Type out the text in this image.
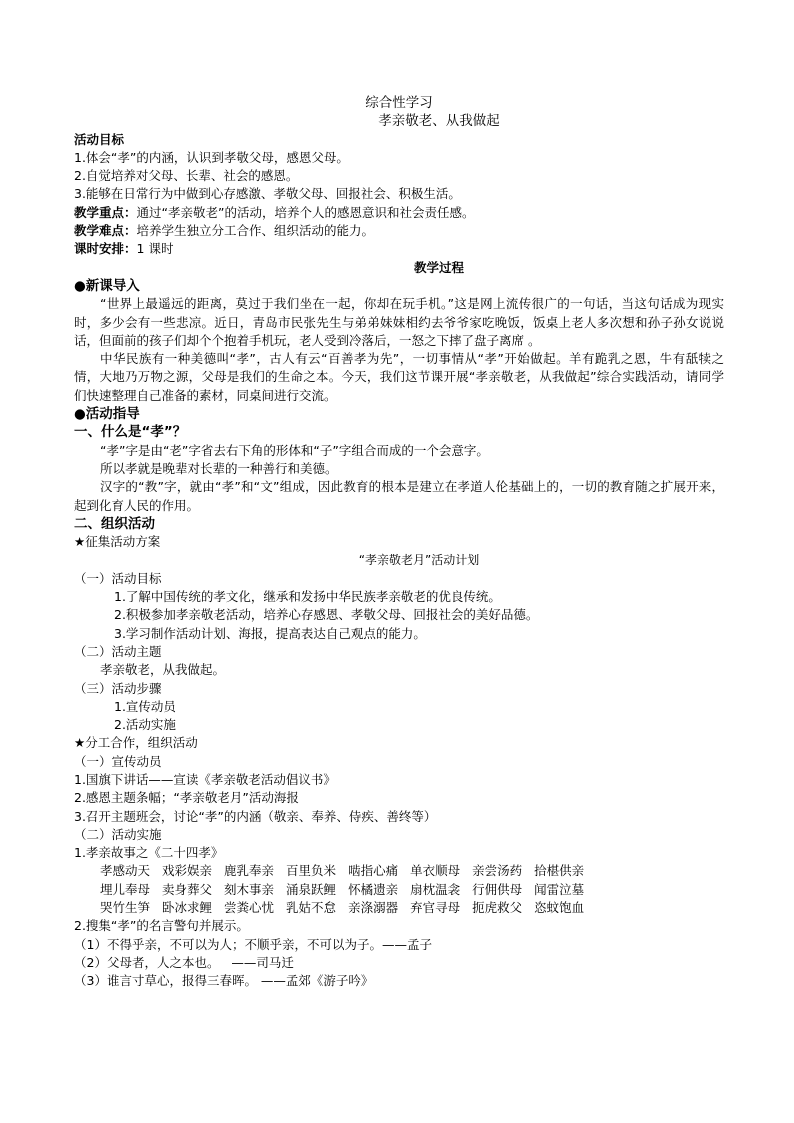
综合性学习
孝亲敬老、从我做起
活动目标
1.体会“孝”的内涵，认识到孝敬父母，感恩父母。
2.自觉培养对父母、长辈、社会的感恩。
3.能够在日常行为中做到心存感激、孝敬父母、回报社会、积极生活。
教学重点：通过“孝亲敬老”的活动，培养个人的感恩意识和社会责任感。
教学难点：培养学生独立分工合作、组织活动的能力。
课时安排：1 课时
教学过程
●新课导入
“世界上最遥远的距离，莫过于我们坐在一起，你却在玩手机。”这是网上流传很广的一句话，当这句话成为现实时，多少会有一些悲凉。近日，青岛市民张先生与弟弟妹妹相约去爷爷家吃晚饭，饭桌上老人多次想和孙子孙女说说话，但面前的孩子们却个个抱着手机玩，老人受到冷落后，一怒之下摔了盘子离席 。
中华民族有一种美德叫“孝”，古人有云“百善孝为先”，一切事情从“孝”开始做起。羊有跪乳之恩，牛有舐犊之情，大地乃万物之源，父母是我们的生命之本。今天，我们这节课开展“孝亲敬老，从我做起”综合实践活动，请同学们快速整理自己准备的素材，同桌间进行交流。
●活动指导
一、什么是“孝”？
“孝”字是由“老”字省去右下角的形体和“子”字组合而成的一个会意字。
所以孝就是晚辈对长辈的一种善行和美德。
汉字的“教”字，就由“孝”和“文”组成，因此教育的根本是建立在孝道人伦基础上的，一切的教育随之扩展开来，起到化育人民的作用。
二、组织活动
★征集活动方案
“孝亲敬老月”活动计划
（一）活动目标
1.了解中国传统的孝文化，继承和发扬中华民族孝亲敬老的优良传统。
2.积极参加孝亲敬老活动，培养心存感恩、孝敬父母、回报社会的美好品德。
3.学习制作活动计划、海报，提高表达自己观点的能力。
（二）活动主题
孝亲敬老，从我做起。
（三）活动步骤
1.宣传动员
2.活动实施
★分工合作，组织活动
（一）宣传动员
1.国旗下讲话——宣读《孝亲敬老活动倡议书》
2.感恩主题条幅；“孝亲敬老月”活动海报
3.召开主题班会，讨论“孝”的内涵（敬亲、奉养、侍疾、善终等）
（二）活动实施
1.孝亲故事之《二十四孝》
孝感动天 戏彩娱亲 鹿乳奉亲 百里负米 啮指心痛 单衣顺母 亲尝汤药 拾椹供亲
埋儿奉母 卖身葬父 刻木事亲 涌泉跃鲤 怀橘遗亲 扇枕温衾 行佣供母 闻雷泣墓
哭竹生笋 卧冰求鲤 尝粪心忧 乳姑不怠 亲涤溺器 弃官寻母 扼虎救父 恣蚊饱血
2.搜集“孝”的名言警句并展示。
（1）不得乎亲，不可以为人；不顺乎亲，不可以为子。——孟子
（2）父母者，人之本也。   ——司马迁
（3）谁言寸草心，报得三春晖。 ——孟郊《游子吟》
